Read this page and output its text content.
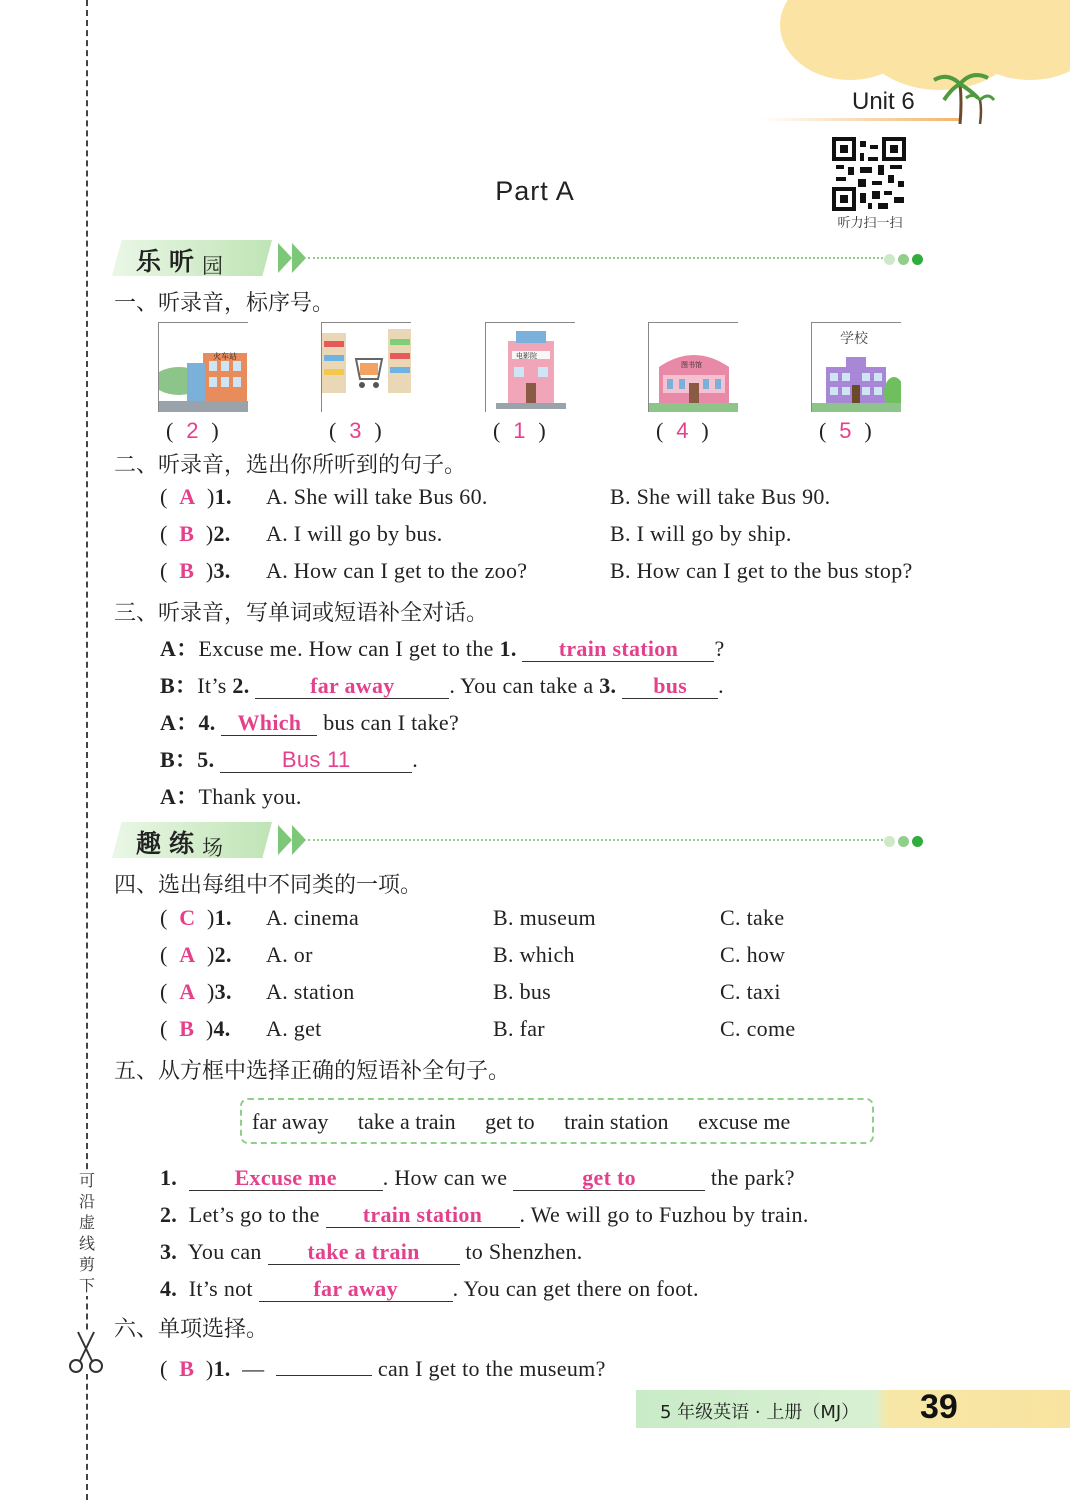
可沿虚线剪下
Unit 6
听力扫一扫
Part A
乐听园
一、听录音，标序号。
火车站	电影院
图书馆
学校
( 2 )	( 3 )	( 1 )	( 4 )	( 5 )
二、听录音，选出你所听到的句子。
(  A  )1. A. She will take Bus 60.	B. She will take Bus 90.
(  B  )2. A. I will go by bus.	B. I will go by ship.
(  B  )3. A. How can I get to the zoo?	B. How can I get to the bus stop?
三、听录音，写单词或短语补全对话。
A：Excuse me. How can I get to the 1. train station ?
B：It’s 2.	far away . You can take a 3. bus .
A：4. Which bus can I take?
B：5.	Bus 11	.
A：Thank you.
趣练场
四、选出每组中不同类的一项。
(  C  )1. A. cinema	B. museum	C. take
(  A  )2. A. or	B. which	C. how
(  A  )3. A. station	B. bus	C. taxi
(  B  )4. A. get	B. far	C. come
五、从方框中选择正确的短语补全句子。
far away take a train get to train station excuse me
1.	Excuse me . How can we	get to	the park?
2. Let’s go to the train station . We will go to Fuzhou by train.
3. You can take a train to Shenzhen.
4. It’s not far away . You can get there on foot.
六、单项选择。
(  B  )1. —	can I get to the museum?
5 年级英语 · 上册（MJ） 39
